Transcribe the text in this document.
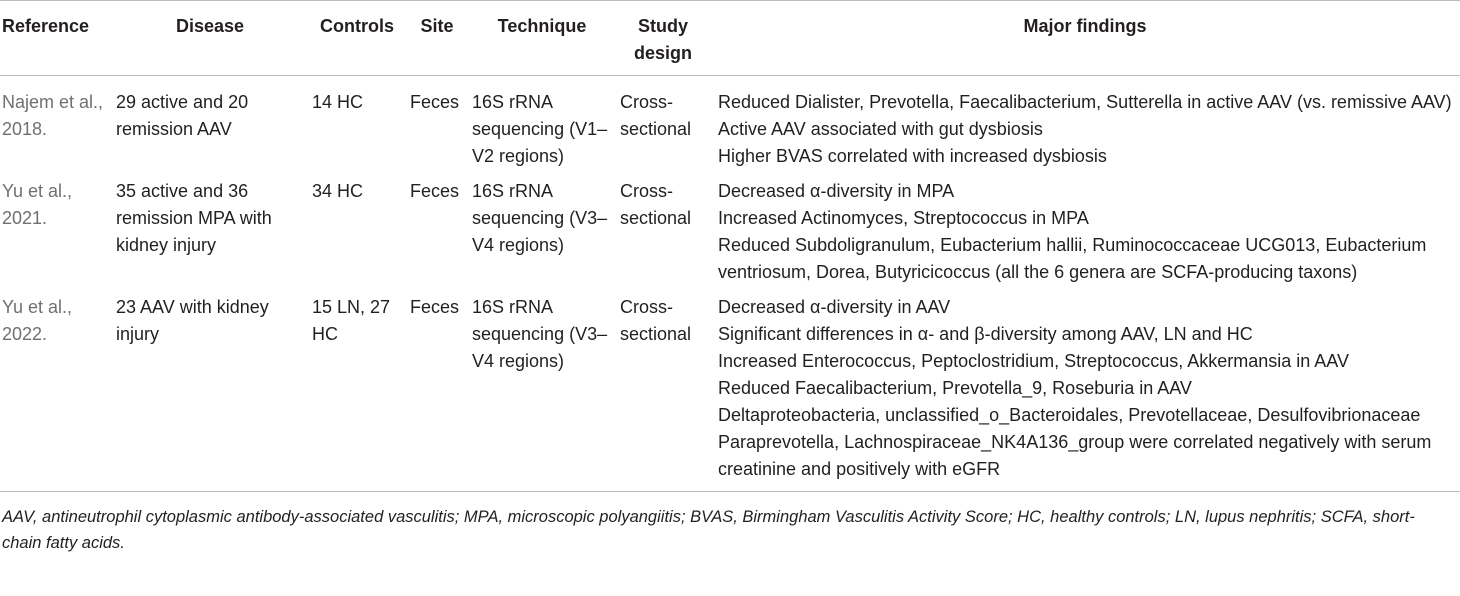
Reference	Disease	Controls	Site	Technique	Study design	Major findings
Najem et al., 2018.	29 active and 20 remission AAV	14 HC	Feces	16S rRNA sequencing (V1–V2 regions)	Cross-sectional	Reduced Dialister, Prevotella, Faecalibacterium, Sutterella in active AAV (vs. remissive AAV)
Active AAV associated with gut dysbiosis
Higher BVAS correlated with increased dysbiosis

Yu et al., 2021.	35 active and 36 remission MPA with kidney injury	34 HC	Feces	16S rRNA sequencing (V3–V4 regions)	Cross-sectional	Decreased α-diversity in MPA
Increased Actinomyces, Streptococcus in MPA
Reduced Subdoligranulum, Eubacterium hallii, Ruminococcaceae UCG013, Eubacterium ventriosum, Dorea, Butyricicoccus (all the 6 genera are SCFA-producing taxons)

Yu et al., 2022.	23 AAV with kidney injury	15 LN, 27 HC	Feces	16S rRNA sequencing (V3–V4 regions)	Cross-sectional	Decreased α-diversity in AAV
Significant differences in α- and β-diversity among AAV, LN and HC
Increased Enterococcus, Peptoclostridium, Streptococcus, Akkermansia in AAV
Reduced Faecalibacterium, Prevotella_9, Roseburia in AAV
Deltaproteobacteria, unclassified_o_Bacteroidales, Prevotellaceae, Desulfovibrionaceae Paraprevotella, Lachnospiraceae_NK4A136_group were correlated negatively with serum creatinine and positively with eGFR
AAV, antineutrophil cytoplasmic antibody-associated vasculitis; MPA, microscopic polyangiitis; BVAS, Birmingham Vasculitis Activity Score; HC, healthy controls; LN, lupus nephritis; SCFA, short-chain fatty acids.
